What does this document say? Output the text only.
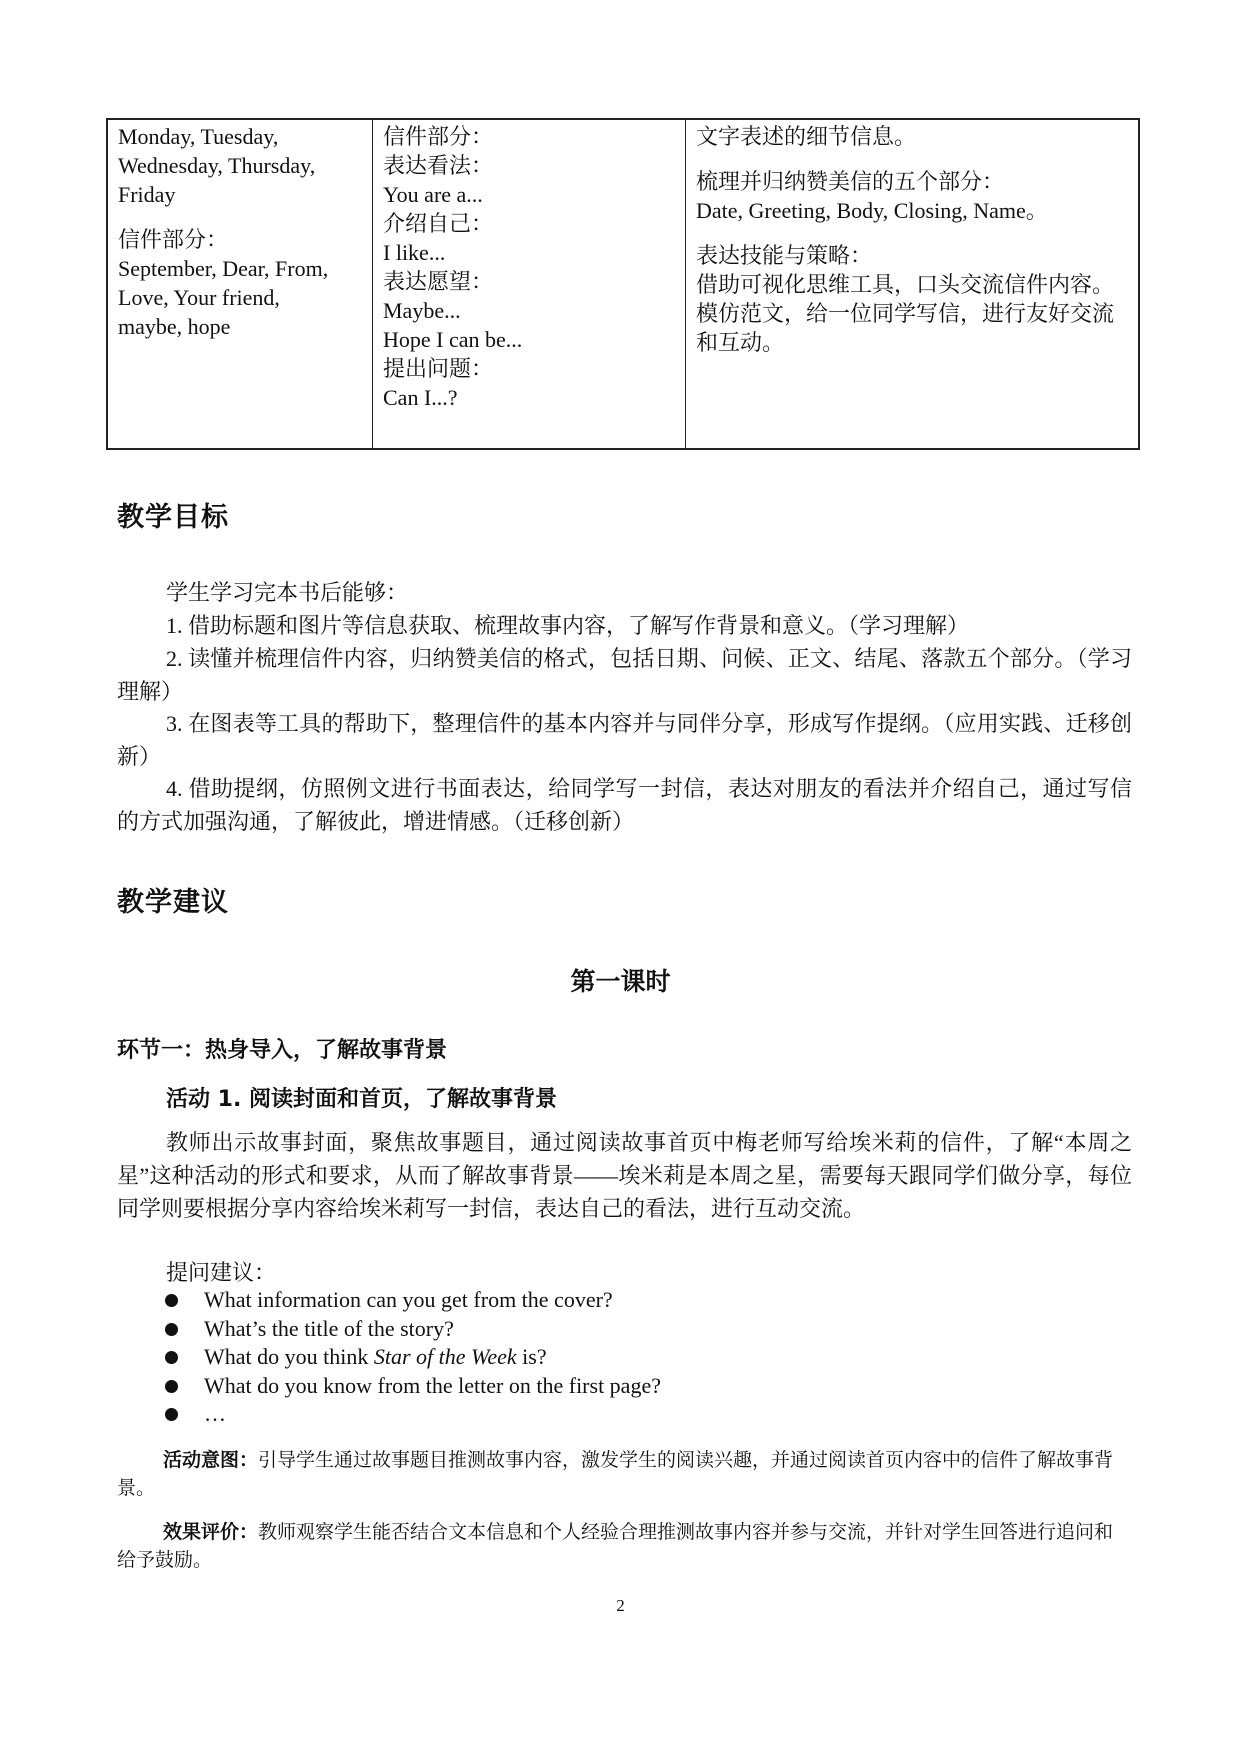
Monday, Tuesday,
Wednesday, Thursday,
Friday
信件部分：
September, Dear, From,
Love, Your friend,
maybe, hope
信件部分：
表达看法：
You are a...
介绍自己：
I like...
表达愿望：
Maybe...
Hope I can be...
提出问题：
Can I...?
文字表述的细节信息。
梳理并归纳赞美信的五个部分：
Date, Greeting, Body, Closing, Name。
表达技能与策略：
借助可视化思维工具，口头交流信件内容。
模仿范文，给一位同学写信，进行友好交流和互动。
教学目标
学生学习完本书后能够：
1. 借助标题和图片等信息获取、梳理故事内容，了解写作背景和意义。（学习理解）
2. 读懂并梳理信件内容，归纳赞美信的格式，包括日期、问候、正文、结尾、落款五个部分。（学习理解）
3. 在图表等工具的帮助下，整理信件的基本内容并与同伴分享，形成写作提纲。（应用实践、迁移创新）
4. 借助提纲，仿照例文进行书面表达，给同学写一封信，表达对朋友的看法并介绍自己，通过写信的方式加强沟通，了解彼此，增进情感。（迁移创新）
教学建议
第一课时
环节一：热身导入，了解故事背景
活动 1. 阅读封面和首页，了解故事背景
教师出示故事封面，聚焦故事题目，通过阅读故事首页中梅老师写给埃米莉的信件，了解“本周之星”这种活动的形式和要求，从而了解故事背景——埃米莉是本周之星，需要每天跟同学们做分享，每位同学则要根据分享内容给埃米莉写一封信，表达自己的看法，进行互动交流。
提问建议：
What information can you get from the cover?
What’s the title of the story?
What do you think Star of the Week is?
What do you know from the letter on the first page?
…
活动意图：引导学生通过故事题目推测故事内容，激发学生的阅读兴趣，并通过阅读首页内容中的信件了解故事背景。
效果评价：教师观察学生能否结合文本信息和个人经验合理推测故事内容并参与交流，并针对学生回答进行追问和给予鼓励。
2
